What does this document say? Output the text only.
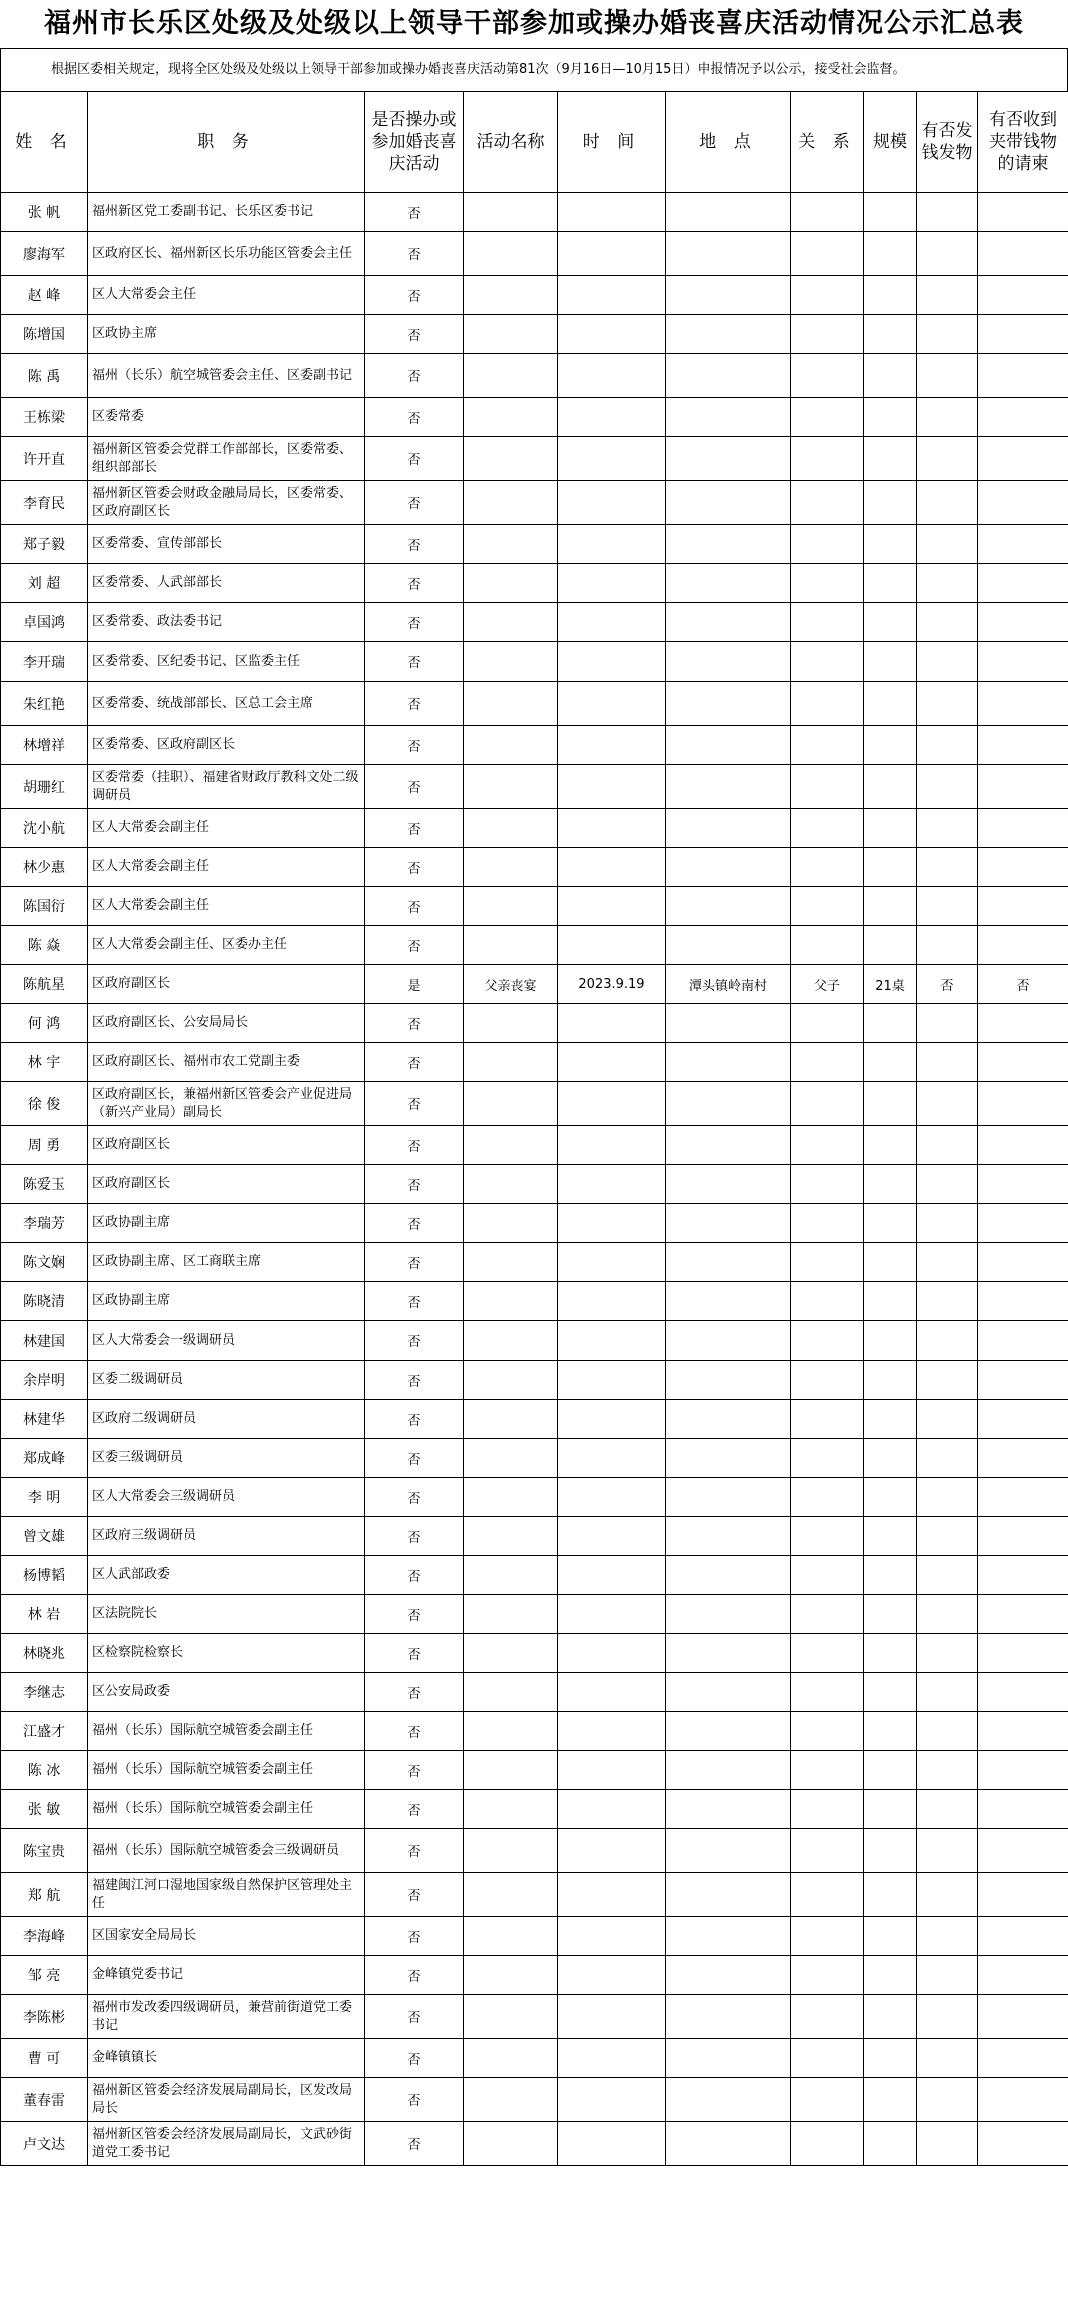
福州市长乐区处级及处级以上领导干部参加或操办婚丧喜庆活动情况公示汇总表
根据区委相关规定，现将全区处级及处级以上领导干部参加或操办婚丧喜庆活动第81次（9月16日—10月15日）申报情况予以公示，接受社会监督。
姓 名	职 务	是否操办或参加婚丧喜庆活动	活动名称	时 间	地 点	关 系	规模	有否发钱发物	有否收到夹带钱物的请柬
张 帆	福州新区党工委副书记、长乐区委书记	否							
廖海军	区政府区长、福州新区长乐功能区管委会主任	否							
赵 峰	区人大常委会主任	否							
陈增国	区政协主席	否							
陈 禹	福州（长乐）航空城管委会主任、区委副书记	否							
王栋梁	区委常委	否							
许开直	福州新区管委会党群工作部部长，区委常委、组织部部长	否							
李育民	福州新区管委会财政金融局局长，区委常委、区政府副区长	否							
郑子毅	区委常委、宣传部部长	否							
刘 超	区委常委、人武部部长	否							
卓国鸿	区委常委、政法委书记	否							
李开瑞	区委常委、区纪委书记、区监委主任	否							
朱红艳	区委常委、统战部部长、区总工会主席	否							
林增祥	区委常委、区政府副区长	否							
胡珊红	区委常委（挂职）、福建省财政厅教科文处二级调研员	否							
沈小航	区人大常委会副主任	否							
林少惠	区人大常委会副主任	否							
陈国衍	区人大常委会副主任	否							
陈 焱	区人大常委会副主任、区委办主任	否							
陈航星	区政府副区长	是	父亲丧宴	2023.9.19	潭头镇岭南村	父子	21桌	否	否
何 鸿	区政府副区长、公安局局长	否							
林 宇	区政府副区长、福州市农工党副主委	否							
徐 俊	区政府副区长，兼福州新区管委会产业促进局（新兴产业局）副局长	否							
周 勇	区政府副区长	否							
陈爱玉	区政府副区长	否							
李瑞芳	区政协副主席	否							
陈文娴	区政协副主席、区工商联主席	否							
陈晓清	区政协副主席	否							
林建国	区人大常委会一级调研员	否							
余岸明	区委二级调研员	否							
林建华	区政府二级调研员	否							
郑成峰	区委三级调研员	否							
李 明	区人大常委会三级调研员	否							
曾文雄	区政府三级调研员	否							
杨博韬	区人武部政委	否							
林 岩	区法院院长	否							
林晓兆	区检察院检察长	否							
李继志	区公安局政委	否							
江盛才	福州（长乐）国际航空城管委会副主任	否							
陈 冰	福州（长乐）国际航空城管委会副主任	否							
张 敏	福州（长乐）国际航空城管委会副主任	否							
陈宝贵	福州（长乐）国际航空城管委会三级调研员	否							
郑 航	福建闽江河口湿地国家级自然保护区管理处主任	否							
李海峰	区国家安全局局长	否							
邹 亮	金峰镇党委书记	否							
李陈彬	福州市发改委四级调研员，兼营前街道党工委书记	否							
曹 可	金峰镇镇长	否							
董春雷	福州新区管委会经济发展局副局长，区发改局局长	否							
卢文达	福州新区管委会经济发展局副局长，文武砂街道党工委书记	否							
